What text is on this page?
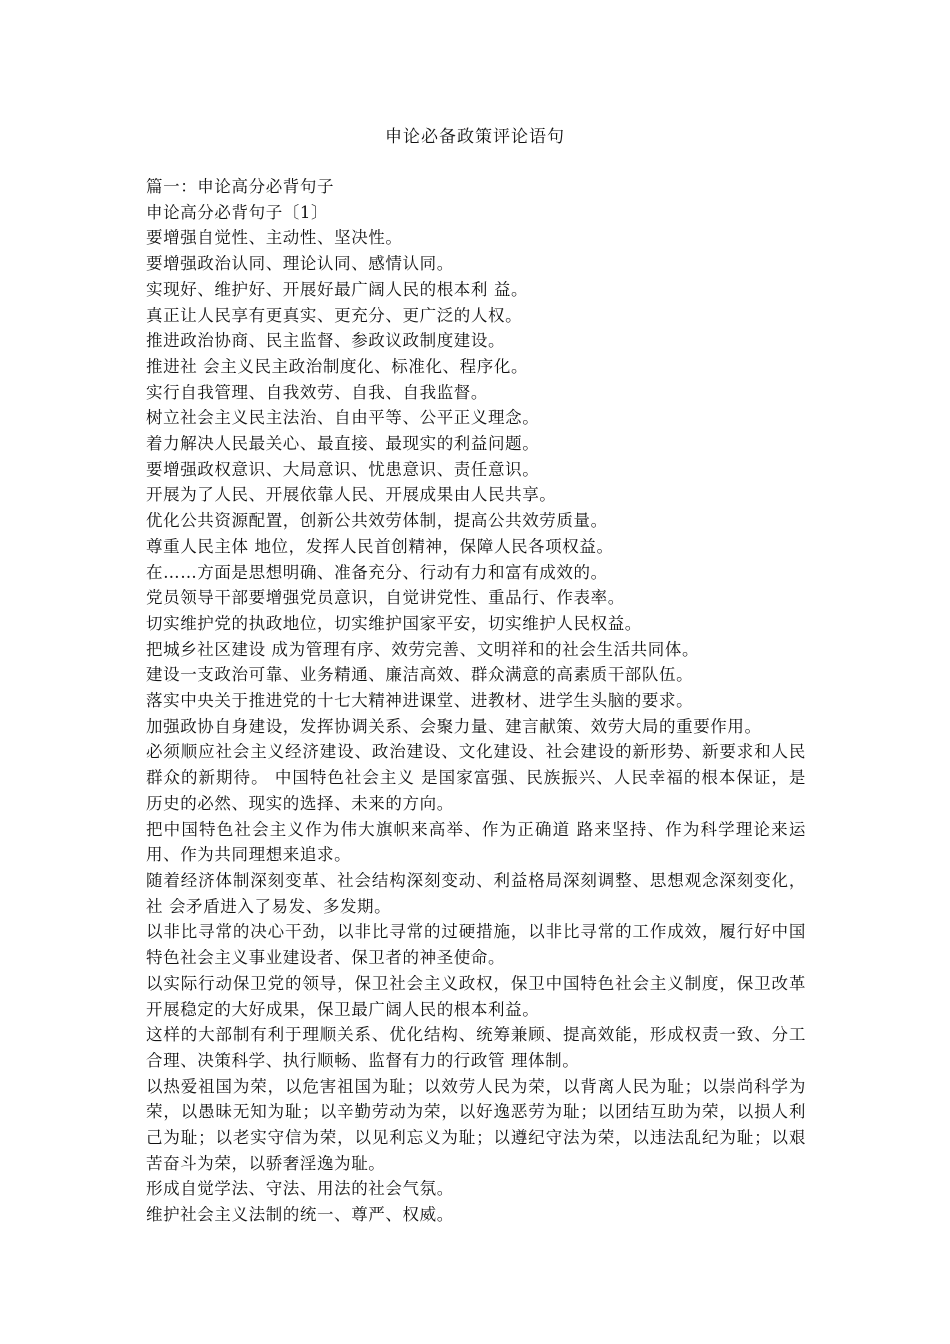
申论必备政策评论语句

篇一：申论高分必背句子

申论高分必背句子〔1〕

要增强自觉性、主动性、坚决性。

要增强政治认同、理论认同、感情认同。

实现好、维护好、开展好最广阔人民的根本利 益。

真正让人民享有更真实、更充分、更广泛的人权。

推进政治协商、民主监督、参政议政制度建设。

推进社 会主义民主政治制度化、标准化、程序化。

实行自我管理、自我效劳、自我、自我监督。

树立社会主义民主法治、自由平等、公平正义理念。

着力解决人民最关心、最直接、最现实的利益问题。

要增强政权意识、大局意识、忧患意识、责任意识。

开展为了人民、开展依靠人民、开展成果由人民共享。

优化公共资源配置，创新公共效劳体制，提高公共效劳质量。

尊重人民主体 地位，发挥人民首创精神，保障人民各项权益。

在……方面是思想明确、准备充分、行动有力和富有成效的。

党员领导干部要增强党员意识，自觉讲党性、重品行、作表率。

切实维护党的执政地位，切实维护国家平安，切实维护人民权益。

把城乡社区建设 成为管理有序、效劳完善、文明祥和的社会生活共同体。

建设一支政治可靠、业务精通、廉洁高效、群众满意的高素质干部队伍。

落实中央关于推进党的十七大精神进课堂、进教材、进学生头脑的要求。

加强政协自身建设，发挥协调关系、会聚力量、建言献策、效劳大局的重要作用。

必须顺应社会主义经济建设、政治建设、文化建设、社会建设的新形势、新要求和人民群众的新期待。 中国特色社会主义 是国家富强、民族振兴、人民幸福的根本保证，是历史的必然、现实的选择、未来的方向。

把中国特色社会主义作为伟大旗帜来高举、作为正确道 路来坚持、作为科学理论来运用、作为共同理想来追求。

随着经济体制深刻变革、社会结构深刻变动、利益格局深刻调整、思想观念深刻变化，社 会矛盾进入了易发、多发期。

以非比寻常的决心干劲，以非比寻常的过硬措施，以非比寻常的工作成效，履行好中国特色社会主义事业建设者、保卫者的神圣使命。

以实际行动保卫党的领导，保卫社会主义政权，保卫中国特色社会主义制度，保卫改革开展稳定的大好成果，保卫最广阔人民的根本利益。

这样的大部制有利于理顺关系、优化结构、统筹兼顾、提高效能，形成权责一致、分工合理、决策科学、执行顺畅、监督有力的行政管 理体制。

以热爱祖国为荣，以危害祖国为耻；以效劳人民为荣，以背离人民为耻；以崇尚科学为荣，以愚昧无知为耻；以辛勤劳动为荣，以好逸恶劳为耻；以团结互助为荣，以损人利己为耻；以老实守信为荣，以见利忘义为耻；以遵纪守法为荣，以违法乱纪为耻；以艰苦奋斗为荣，以骄奢淫逸为耻。

形成自觉学法、守法、用法的社会气氛。

维护社会主义法制的统一、尊严、权威。
